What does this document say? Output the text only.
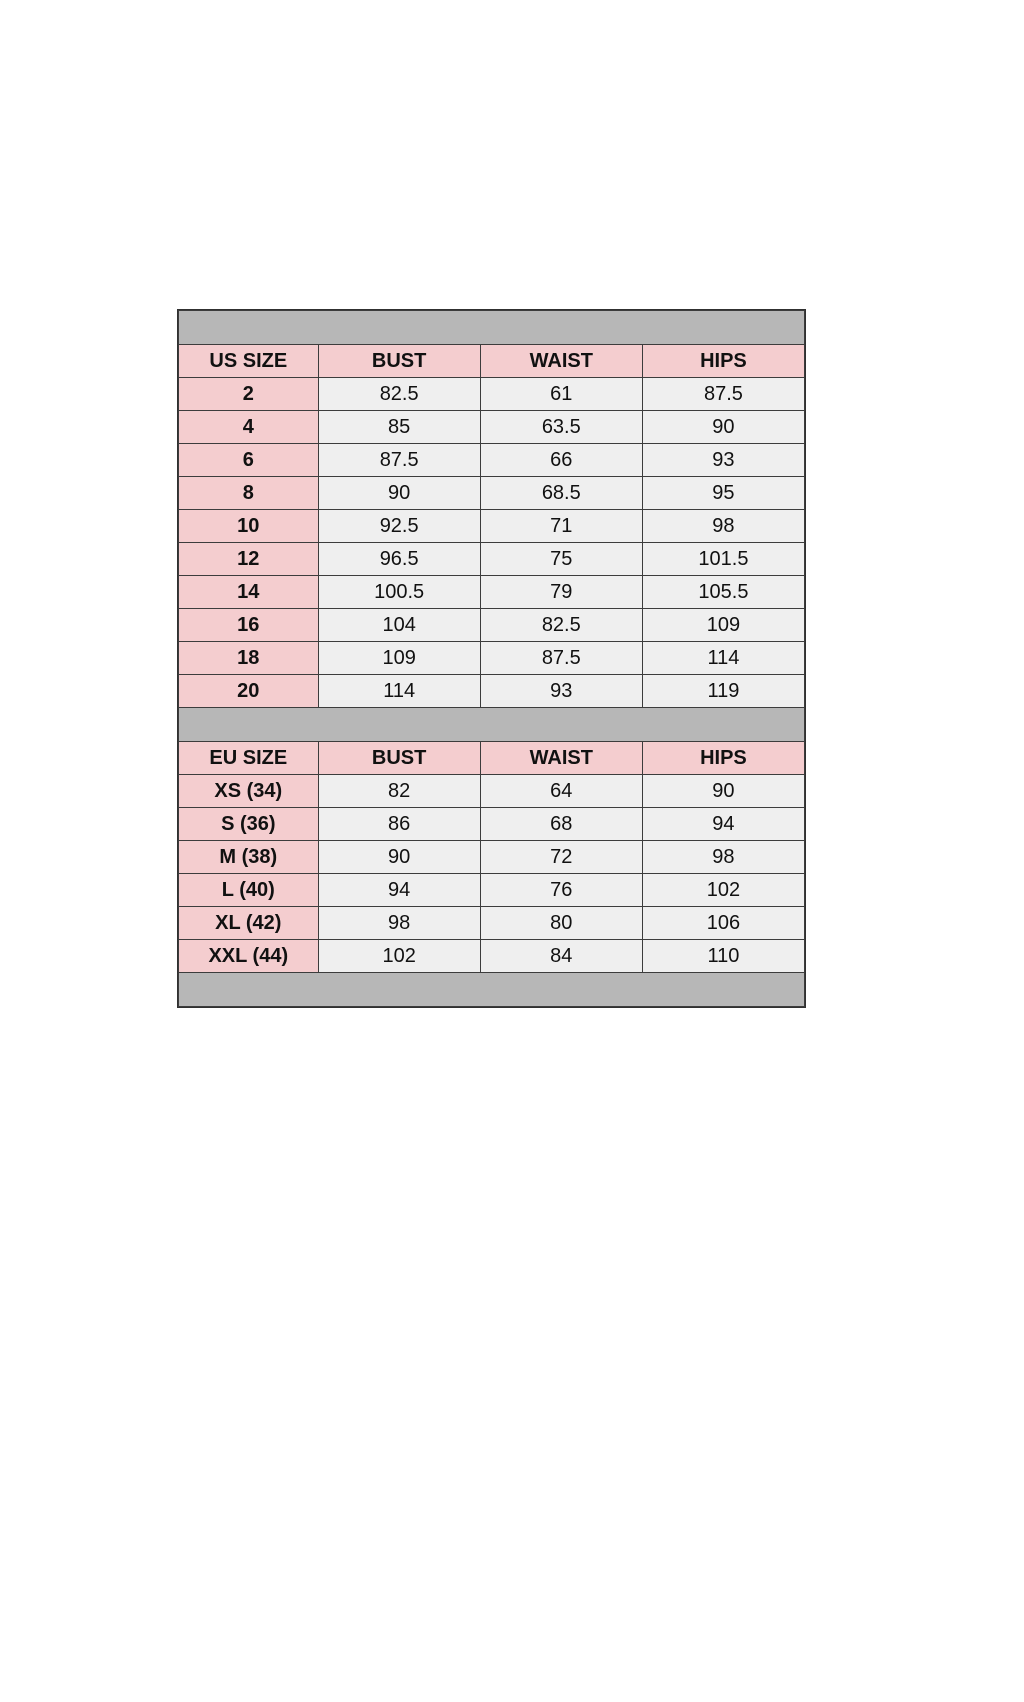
US SIZE	BUST	WAIST	HIPS
2	82.5	61	87.5
4	85	63.5	90
6	87.5	66	93
8	90	68.5	95
10	92.5	71	98
12	96.5	75	101.5
14	100.5	79	105.5
16	104	82.5	109
18	109	87.5	114
20	114	93	119

EU SIZE	BUST	WAIST	HIPS
XS (34)	82	64	90
S (36)	86	68	94
M (38)	90	72	98
L (40)	94	76	102
XL (42)	98	80	106
XXL (44)	102	84	110
